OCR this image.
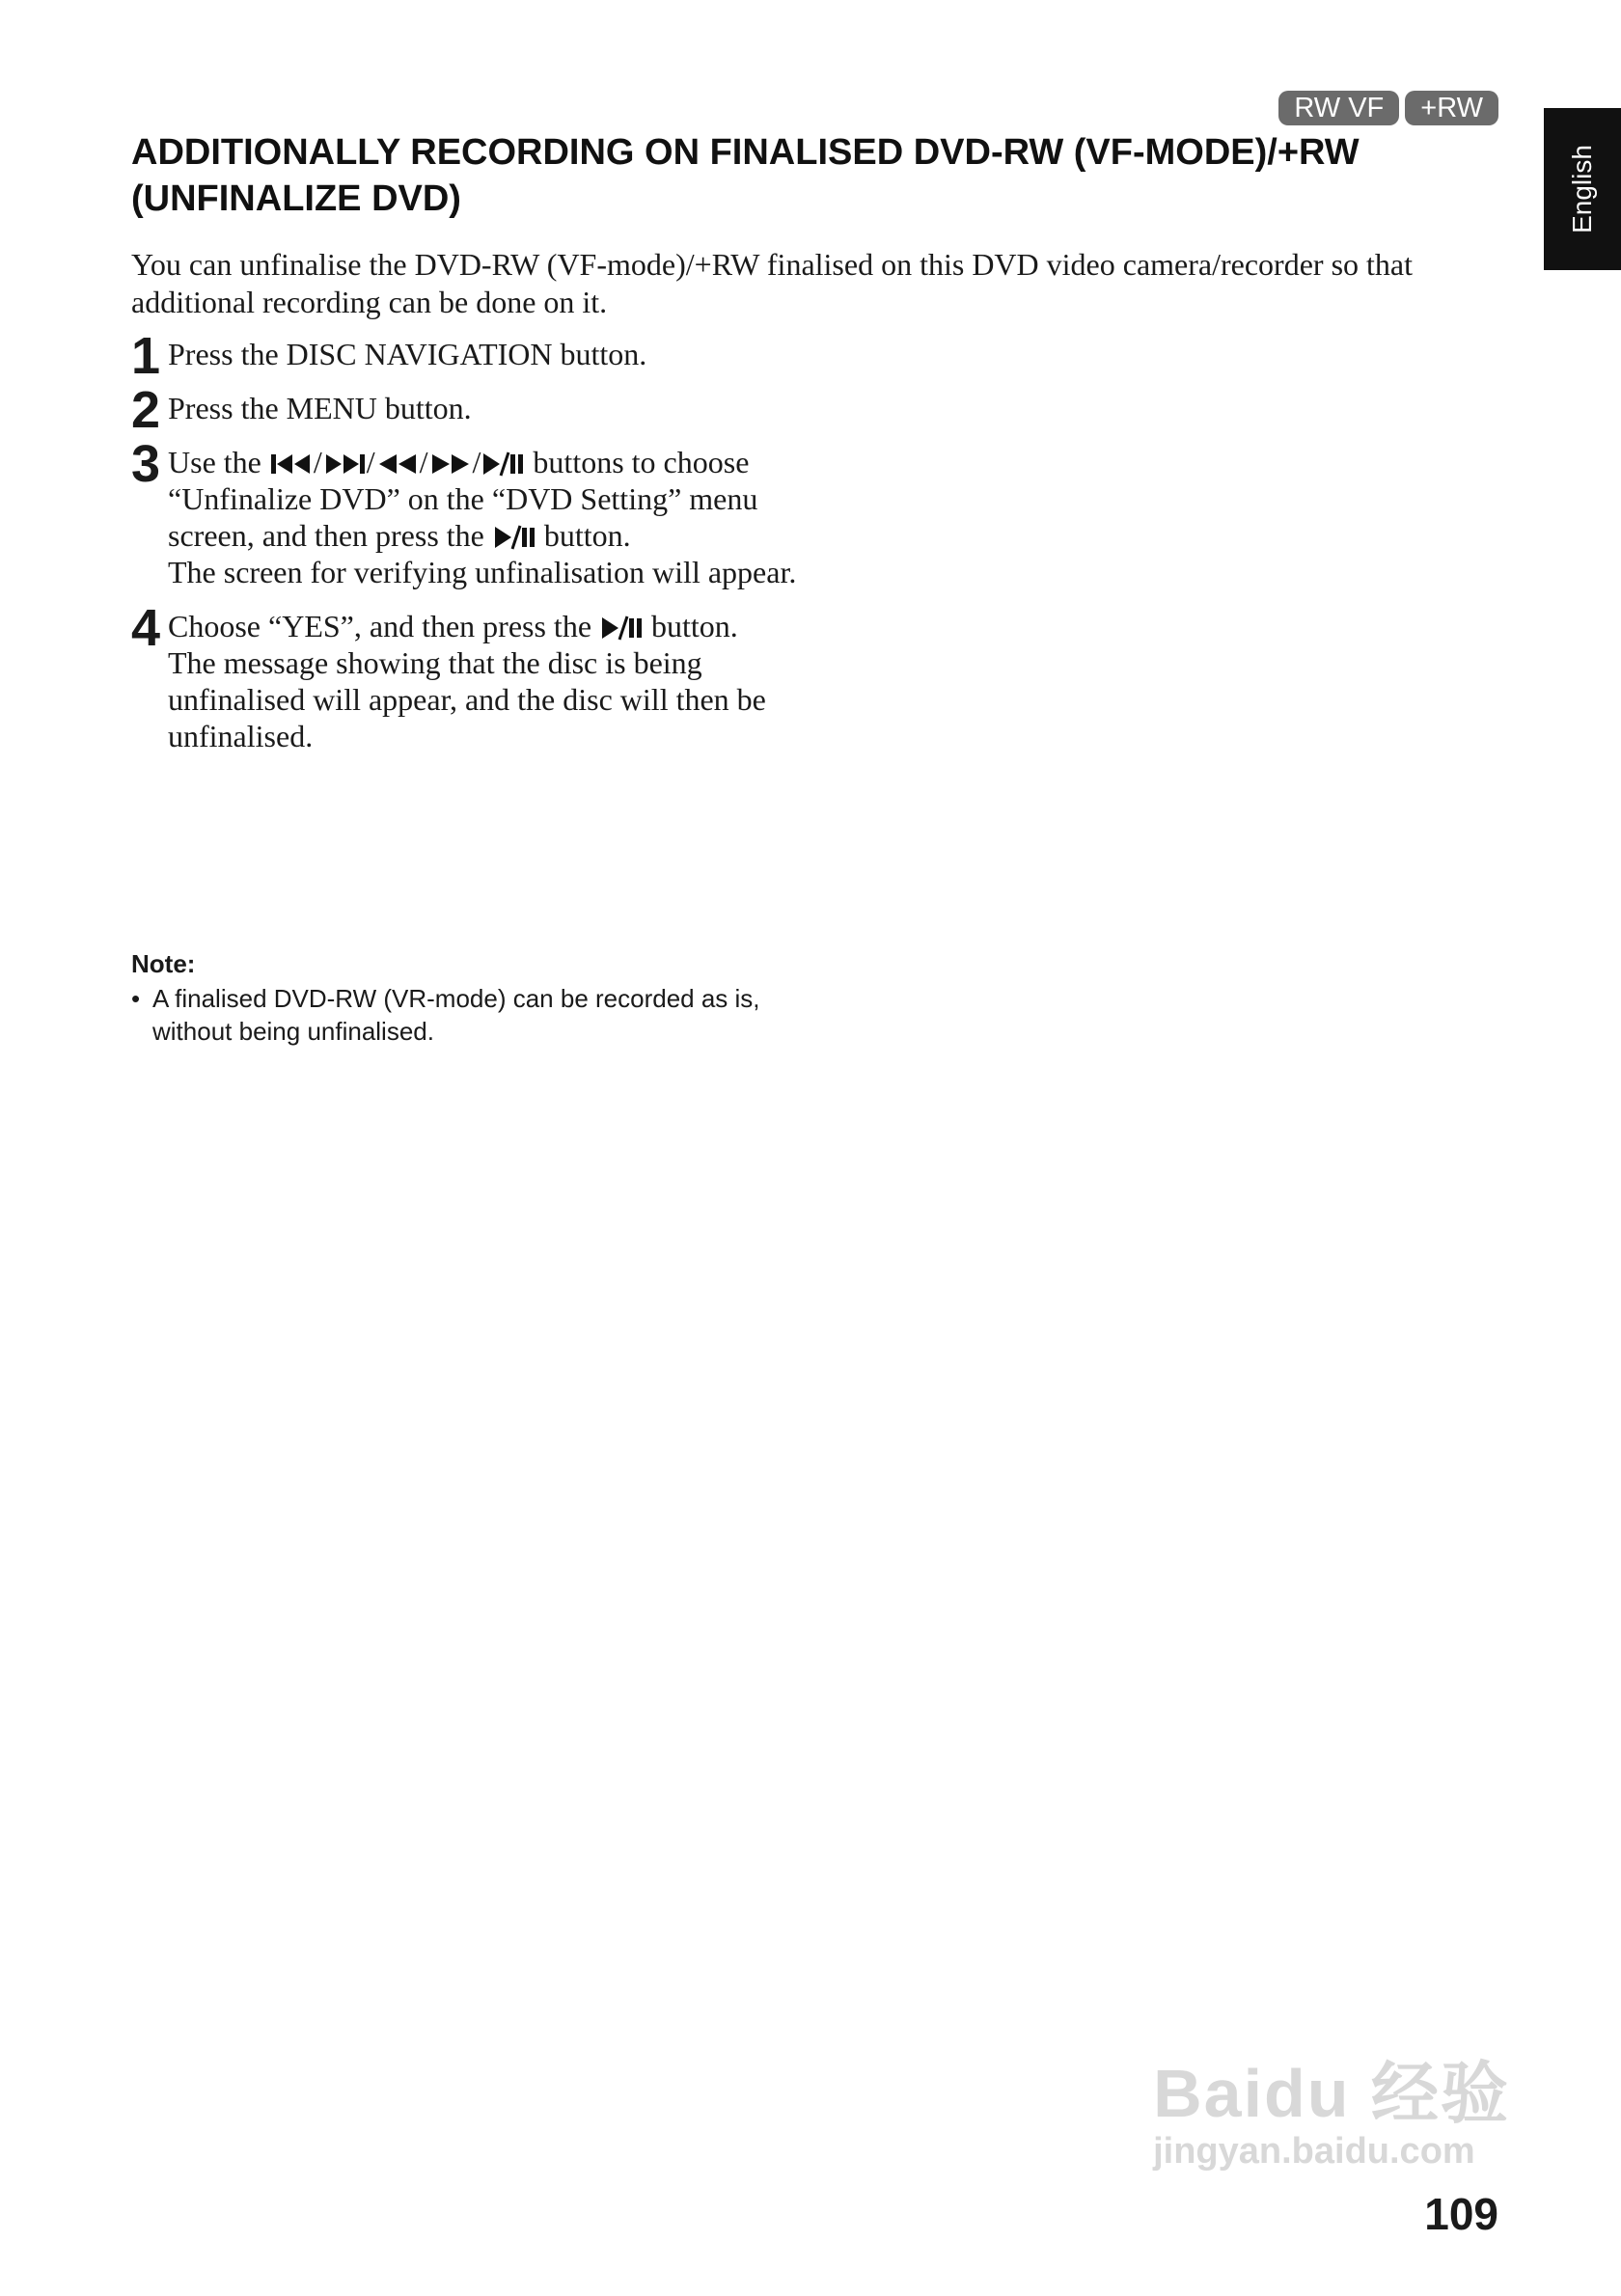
RW VF	+RW
English
ADDITIONALLY RECORDING ON FINALISED DVD-RW (VF-MODE)/+RW (UNFINALIZE DVD)

You can unfinalise the DVD-RW (VF-mode)/+RW finalised on this DVD video camera/recorder so that additional recording can be done on it.

1 Press the DISC NAVIGATION button.

2 Press the MENU button.

3 Use the / / / / buttons to choose “Unfinalize DVD” on the “DVD Setting” menu screen, and then press the button.

The screen for verifying unfinalisation will appear.

4 Choose “YES”, and then press the button.

The message showing that the disc is being unfinalised will appear, and the disc will then be unfinalised.

Note:

• A finalised DVD-RW (VR-mode) can be recorded as is, without being unfinalised.
Baidu 经验
jingyan.baidu.com
109
